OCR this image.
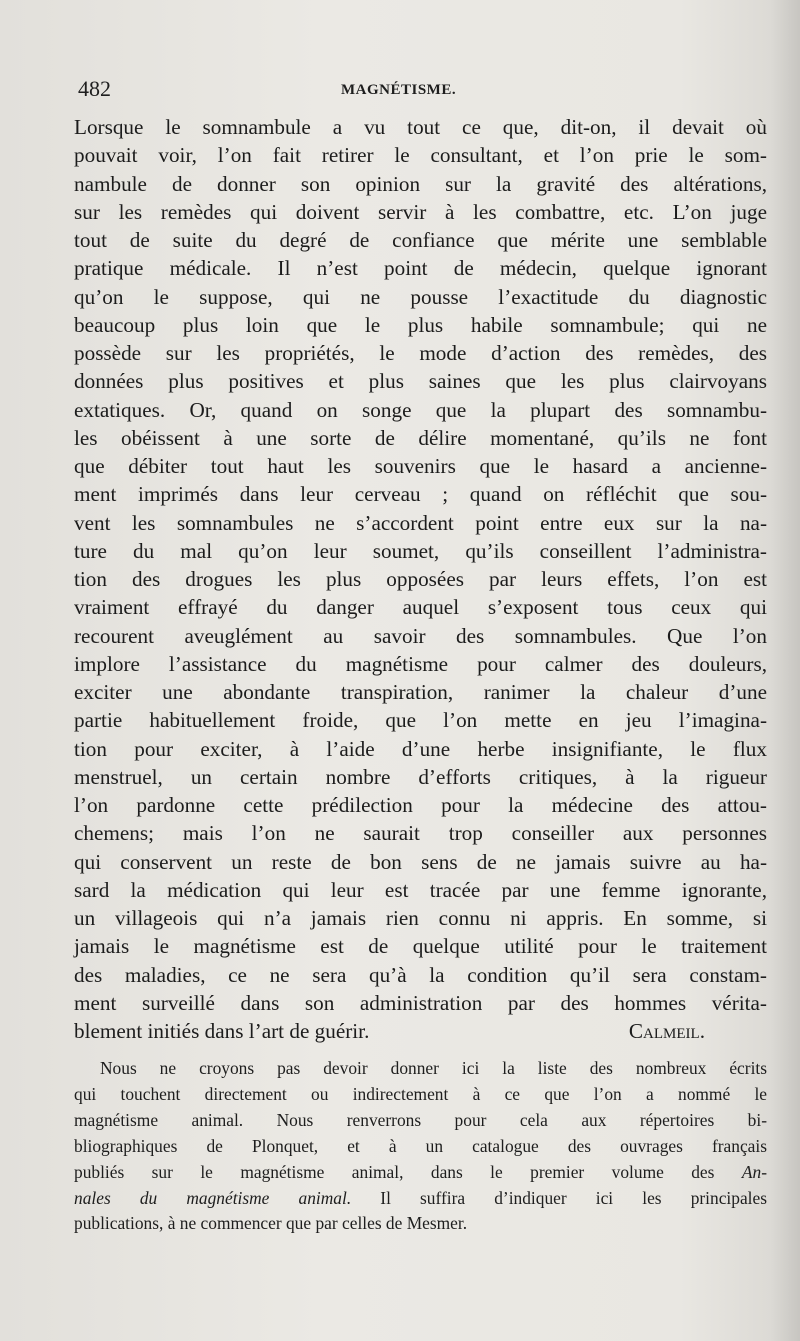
482	MAGNÉTISME.
Lorsque le somnambule a vu tout ce que, dit-on, il devait où
pouvait voir, l’on fait retirer le consultant, et l’on prie le som-
nambule de donner son opinion sur la gravité des altérations,
sur les remèdes qui doivent servir à les combattre, etc. L’on juge
tout de suite du degré de confiance que mérite une semblable
pratique médicale. Il n’est point de médecin, quelque ignorant
qu’on le suppose, qui ne pousse l’exactitude du diagnostic
beaucoup plus loin que le plus habile somnambule; qui ne
possède sur les propriétés, le mode d’action des remèdes, des
données plus positives et plus saines que les plus clairvoyans
extatiques. Or, quand on songe que la plupart des somnambu-
les obéissent à une sorte de délire momentané, qu’ils ne font
que débiter tout haut les souvenirs que le hasard a ancienne-
ment imprimés dans leur cerveau ; quand on réfléchit que sou-
vent les somnambules ne s’accordent point entre eux sur la na-
ture du mal qu’on leur soumet, qu’ils conseillent l’administra-
tion des drogues les plus opposées par leurs effets, l’on est
vraiment effrayé du danger auquel s’exposent tous ceux qui
recourent aveuglément au savoir des somnambules. Que l’on
implore l’assistance du magnétisme pour calmer des douleurs,
exciter une abondante transpiration, ranimer la chaleur d’une
partie habituellement froide, que l’on mette en jeu l’imagina-
tion pour exciter, à l’aide d’une herbe insignifiante, le flux
menstruel, un certain nombre d’efforts critiques, à la rigueur
l’on pardonne cette prédilection pour la médecine des attou-
chemens; mais l’on ne saurait trop conseiller aux personnes
qui conservent un reste de bon sens de ne jamais suivre au ha-
sard la médication qui leur est tracée par une femme ignorante,
un villageois qui n’a jamais rien connu ni appris. En somme, si
jamais le magnétisme est de quelque utilité pour le traitement
des maladies, ce ne sera qu’à la condition qu’il sera constam-
ment surveillé dans son administration par des hommes vérita-
blement initiés dans l’art de guérir.	Calmeil.
Nous ne croyons pas devoir donner ici la liste des nombreux écrits
qui touchent directement ou indirectement à ce que l’on a nommé le
magnétisme animal. Nous renverrons pour cela aux répertoires bi-
bliographiques de Plonquet, et à un catalogue des ouvrages français
publiés sur le magnétisme animal, dans le premier volume des An-
nales du magnétisme animal. Il suffira d’indiquer ici les principales
publications, à ne commencer que par celles de Mesmer.
